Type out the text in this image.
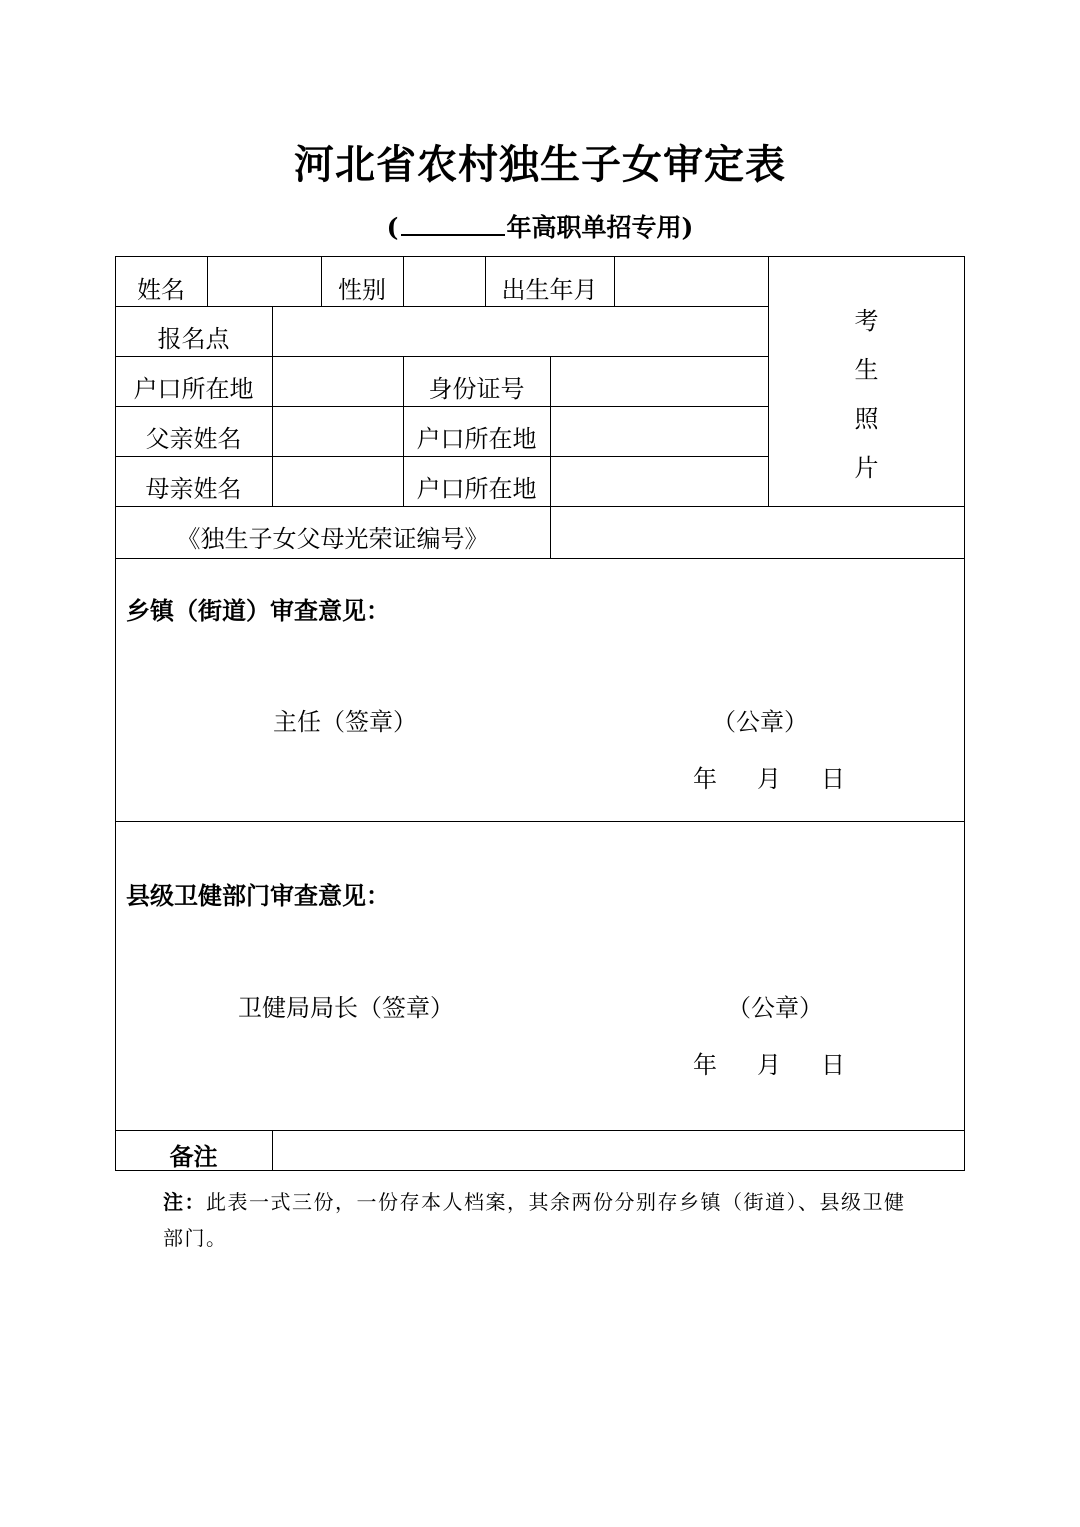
河北省农村独生子女审定表
(	年高职单招专用)
姓名	性别	出生年月
考
生
照
片
报名点
户口所在地	身份证号
父亲姓名	户口所在地
母亲姓名	户口所在地
《独生子女父母光荣证编号》
乡镇（街道）审查意见：
主任（签章）	（公章）
年 月 日
县级卫健部门审查意见：
卫健局局长（签章）	（公章）
年 月 日
备注
注：此表一式三份，一份存本人档案，其余两份分别存乡镇（街道）、县级卫健部门。
